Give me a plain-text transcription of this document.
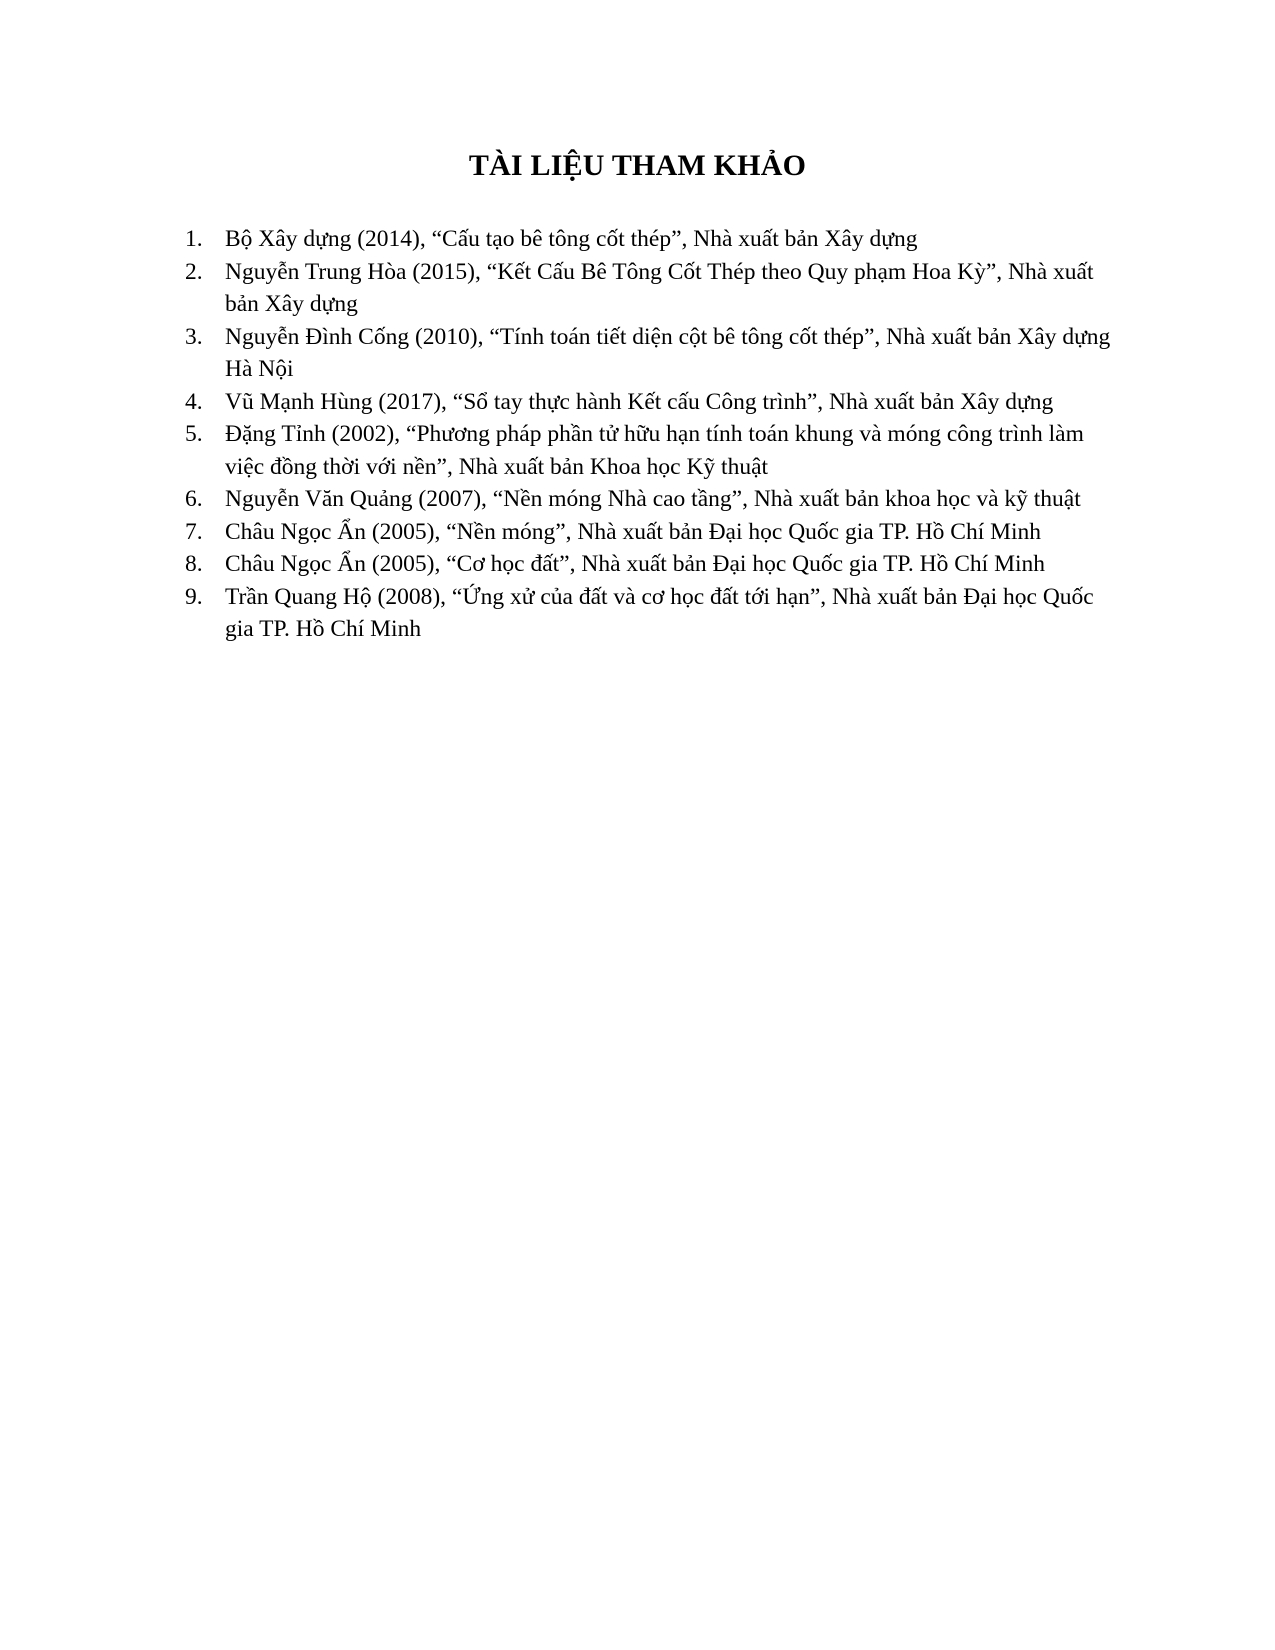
TÀI LIỆU THAM KHẢO
1. Bộ Xây dựng (2014), “Cấu tạo bê tông cốt thép”, Nhà xuất bản Xây dựng
2. Nguyễn Trung Hòa (2015), “Kết Cấu Bê Tông Cốt Thép theo Quy phạm Hoa Kỳ”, Nhà xuất bản Xây dựng
3. Nguyễn Đình Cống (2010), “Tính toán tiết diện cột bê tông cốt thép”, Nhà xuất bản Xây dựng Hà Nội
4. Vũ Mạnh Hùng (2017), “Sổ tay thực hành Kết cấu Công trình”, Nhà xuất bản Xây dựng
5. Đặng Tỉnh (2002), “Phương pháp phần tử hữu hạn tính toán khung và móng công trình làm việc đồng thời với nền”, Nhà xuất bản Khoa học Kỹ thuật
6. Nguyễn Văn Quảng (2007), “Nền móng Nhà cao tầng”, Nhà xuất bản khoa học và kỹ thuật
7. Châu Ngọc Ẩn (2005), “Nền móng”, Nhà xuất bản Đại học Quốc gia TP. Hồ Chí Minh
8. Châu Ngọc Ẩn (2005), “Cơ học đất”, Nhà xuất bản Đại học Quốc gia TP. Hồ Chí Minh
9. Trần Quang Hộ (2008), “Ứng xử của đất và cơ học đất tới hạn”, Nhà xuất bản Đại học Quốc gia TP. Hồ Chí Minh
